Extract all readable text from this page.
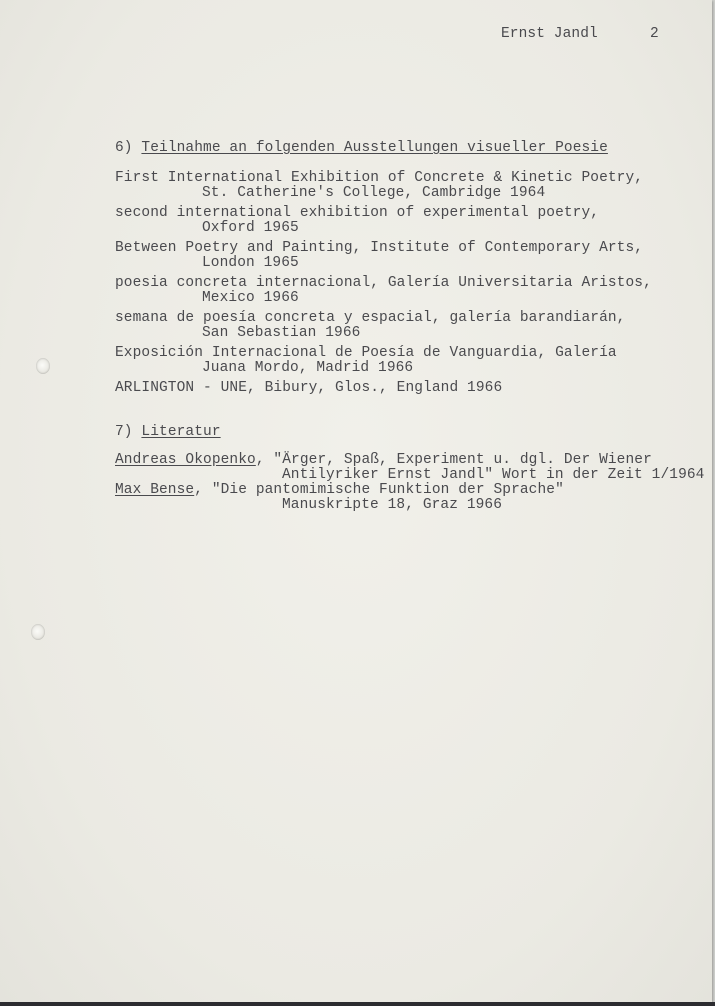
Ernst Jandl	2
6) Teilnahme an folgenden Ausstellungen visueller Poesie
First International Exhibition of Concrete & Kinetic Poetry,
St. Catherine's College, Cambridge 1964
second international exhibition of experimental poetry,
Oxford 1965
Between Poetry and Painting, Institute of Contemporary Arts,
London 1965
poesia concreta internacional, Galería Universitaria Aristos,
Mexico 1966
semana de poesía concreta y espacial, galería barandiarán,
San Sebastian 1966
Exposición Internacional de Poesía de Vanguardia, Galería
Juana Mordo, Madrid 1966
ARLINGTON - UNE, Bibury, Glos., England 1966
7) Literatur
Andreas Okopenko, "Ärger, Spaß, Experiment u. dgl. Der Wiener
Antilyriker Ernst Jandl" Wort in der Zeit 1/1964
Max Bense, "Die pantomimische Funktion der Sprache"
Manuskripte 18, Graz 1966
